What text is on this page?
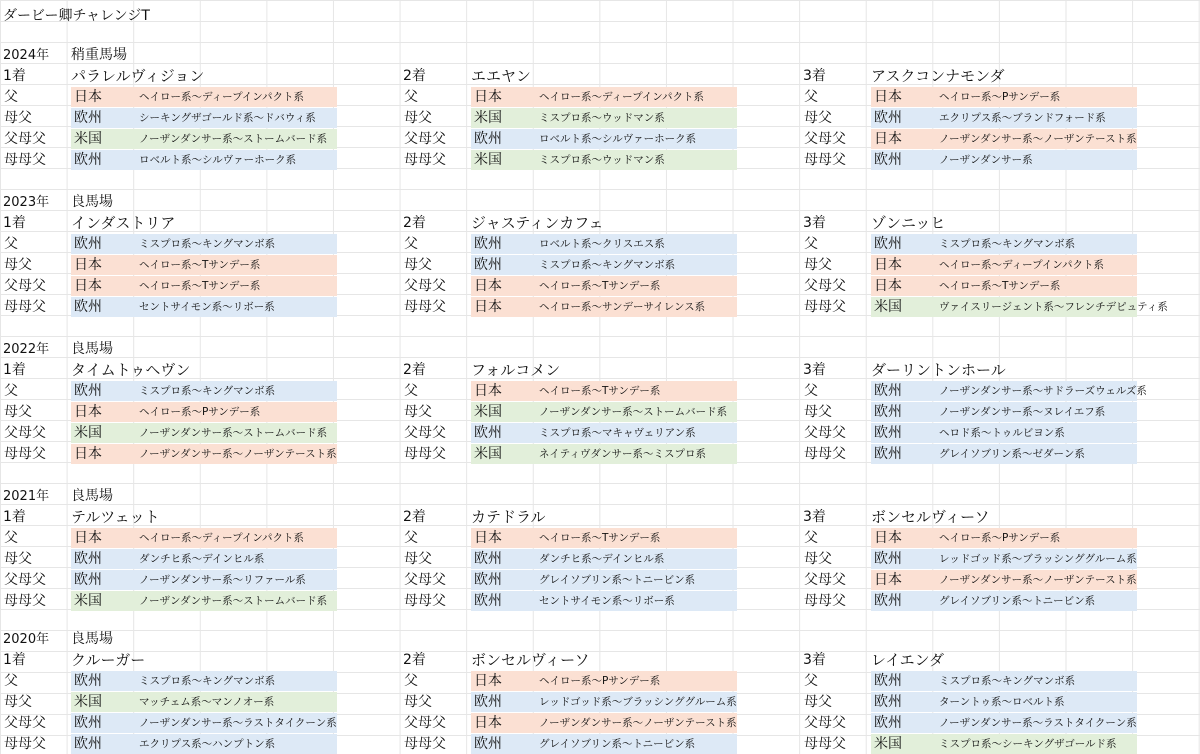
ダービー卿チャレンジT
2024年 稍重馬場
1着	パラレルヴィジョン
父	日本	ヘイロー系～ディープインパクト系
母父	欧州	シーキングザゴールド系～ドバウィ系
父母父 米国	ノーザンダンサー系～ストームバード系
母母父 欧州	ロベルト系～シルヴァーホーク系
2着	エエヤン
父	日本	ヘイロー系～ディープインパクト系
母父	米国	ミスプロ系～ウッドマン系
父母父 欧州	ロベルト系～シルヴァーホーク系
母母父 米国	ミスプロ系～ウッドマン系
3着	アスクコンナモンダ
父	日本	ヘイロー系～Pサンデー系
母父	欧州	エクリプス系～ブランドフォード系
父母父 日本	ノーザンダンサー系～ノーザンテースト系
母母父 欧州	ノーザンダンサー系
2023年 良馬場
1着	インダストリア
父	欧州	ミスプロ系～キングマンボ系
母父	日本	ヘイロー系～Tサンデー系
父母父 日本	ヘイロー系～Tサンデー系
母母父 欧州	セントサイモン系～リボー系
2着	ジャスティンカフェ
父	欧州	ロベルト系～クリスエス系
母父	欧州	ミスプロ系～キングマンボ系
父母父 日本	ヘイロー系～Tサンデー系
母母父 日本	ヘイロー系～サンデーサイレンス系
3着	ゾンニッヒ
父	欧州	ミスプロ系～キングマンボ系
母父	日本	ヘイロー系～ディープインパクト系
父母父 日本	ヘイロー系～Tサンデー系
母母父 米国	ヴァイスリージェント系～フレンチデピュティ系
2022年 良馬場
1着	タイムトゥヘヴン
父	欧州	ミスプロ系～キングマンボ系
母父	日本	ヘイロー系～Pサンデー系
父母父 米国	ノーザンダンサー系～ストームバード系
母母父 日本	ノーザンダンサー系～ノーザンテースト系
2着	フォルコメン
父	日本	ヘイロー系～Tサンデー系
母父	米国	ノーザンダンサー系～ストームバード系
父母父 欧州	ミスプロ系～マキャヴェリアン系
母母父 米国	ネイティヴダンサー系～ミスプロ系
3着	ダーリントンホール
父	欧州	ノーザンダンサー系～サドラーズウェルズ系
母父	欧州	ノーザンダンサー系～ヌレイエフ系
父母父 欧州	ヘロド系～トゥルビヨン系
母母父 欧州	グレイソブリン系～ゼダーン系
2021年 良馬場
1着	テルツェット
父	日本	ヘイロー系～ディープインパクト系
母父	欧州	ダンチヒ系～デインヒル系
父母父 欧州	ノーザンダンサー系～リファール系
母母父 米国	ノーザンダンサー系～ストームバード系
2着	カテドラル
父	日本	ヘイロー系～Tサンデー系
母父	欧州	ダンチヒ系～デインヒル系
父母父 欧州	グレイソブリン系～トニービン系
母母父 欧州	セントサイモン系～リボー系
3着	ボンセルヴィーソ
父	日本	ヘイロー系～Pサンデー系
母父	欧州	レッドゴッド系～ブラッシンググルーム系
父母父 日本	ノーザンダンサー系～ノーザンテースト系
母母父 欧州	グレイソブリン系～トニービン系
2020年 良馬場
1着	クルーガー
父	欧州	ミスプロ系～キングマンボ系
母父	米国	マッチェム系～マンノオー系
父母父 欧州	ノーザンダンサー系～ラストタイクーン系
母母父 欧州	エクリプス系～ハンプトン系
2着	ボンセルヴィーソ
父	日本	ヘイロー系～Pサンデー系
母父	欧州	レッドゴッド系～ブラッシンググルーム系
父母父 日本	ノーザンダンサー系～ノーザンテースト系
母母父 欧州	グレイソブリン系～トニービン系
3着	レイエンダ
父	欧州	ミスプロ系～キングマンボ系
母父	欧州	ターントゥ系～ロベルト系
父母父 欧州	ノーザンダンサー系～ラストタイクーン系
母母父 米国	ミスプロ系～シーキングザゴールド系
